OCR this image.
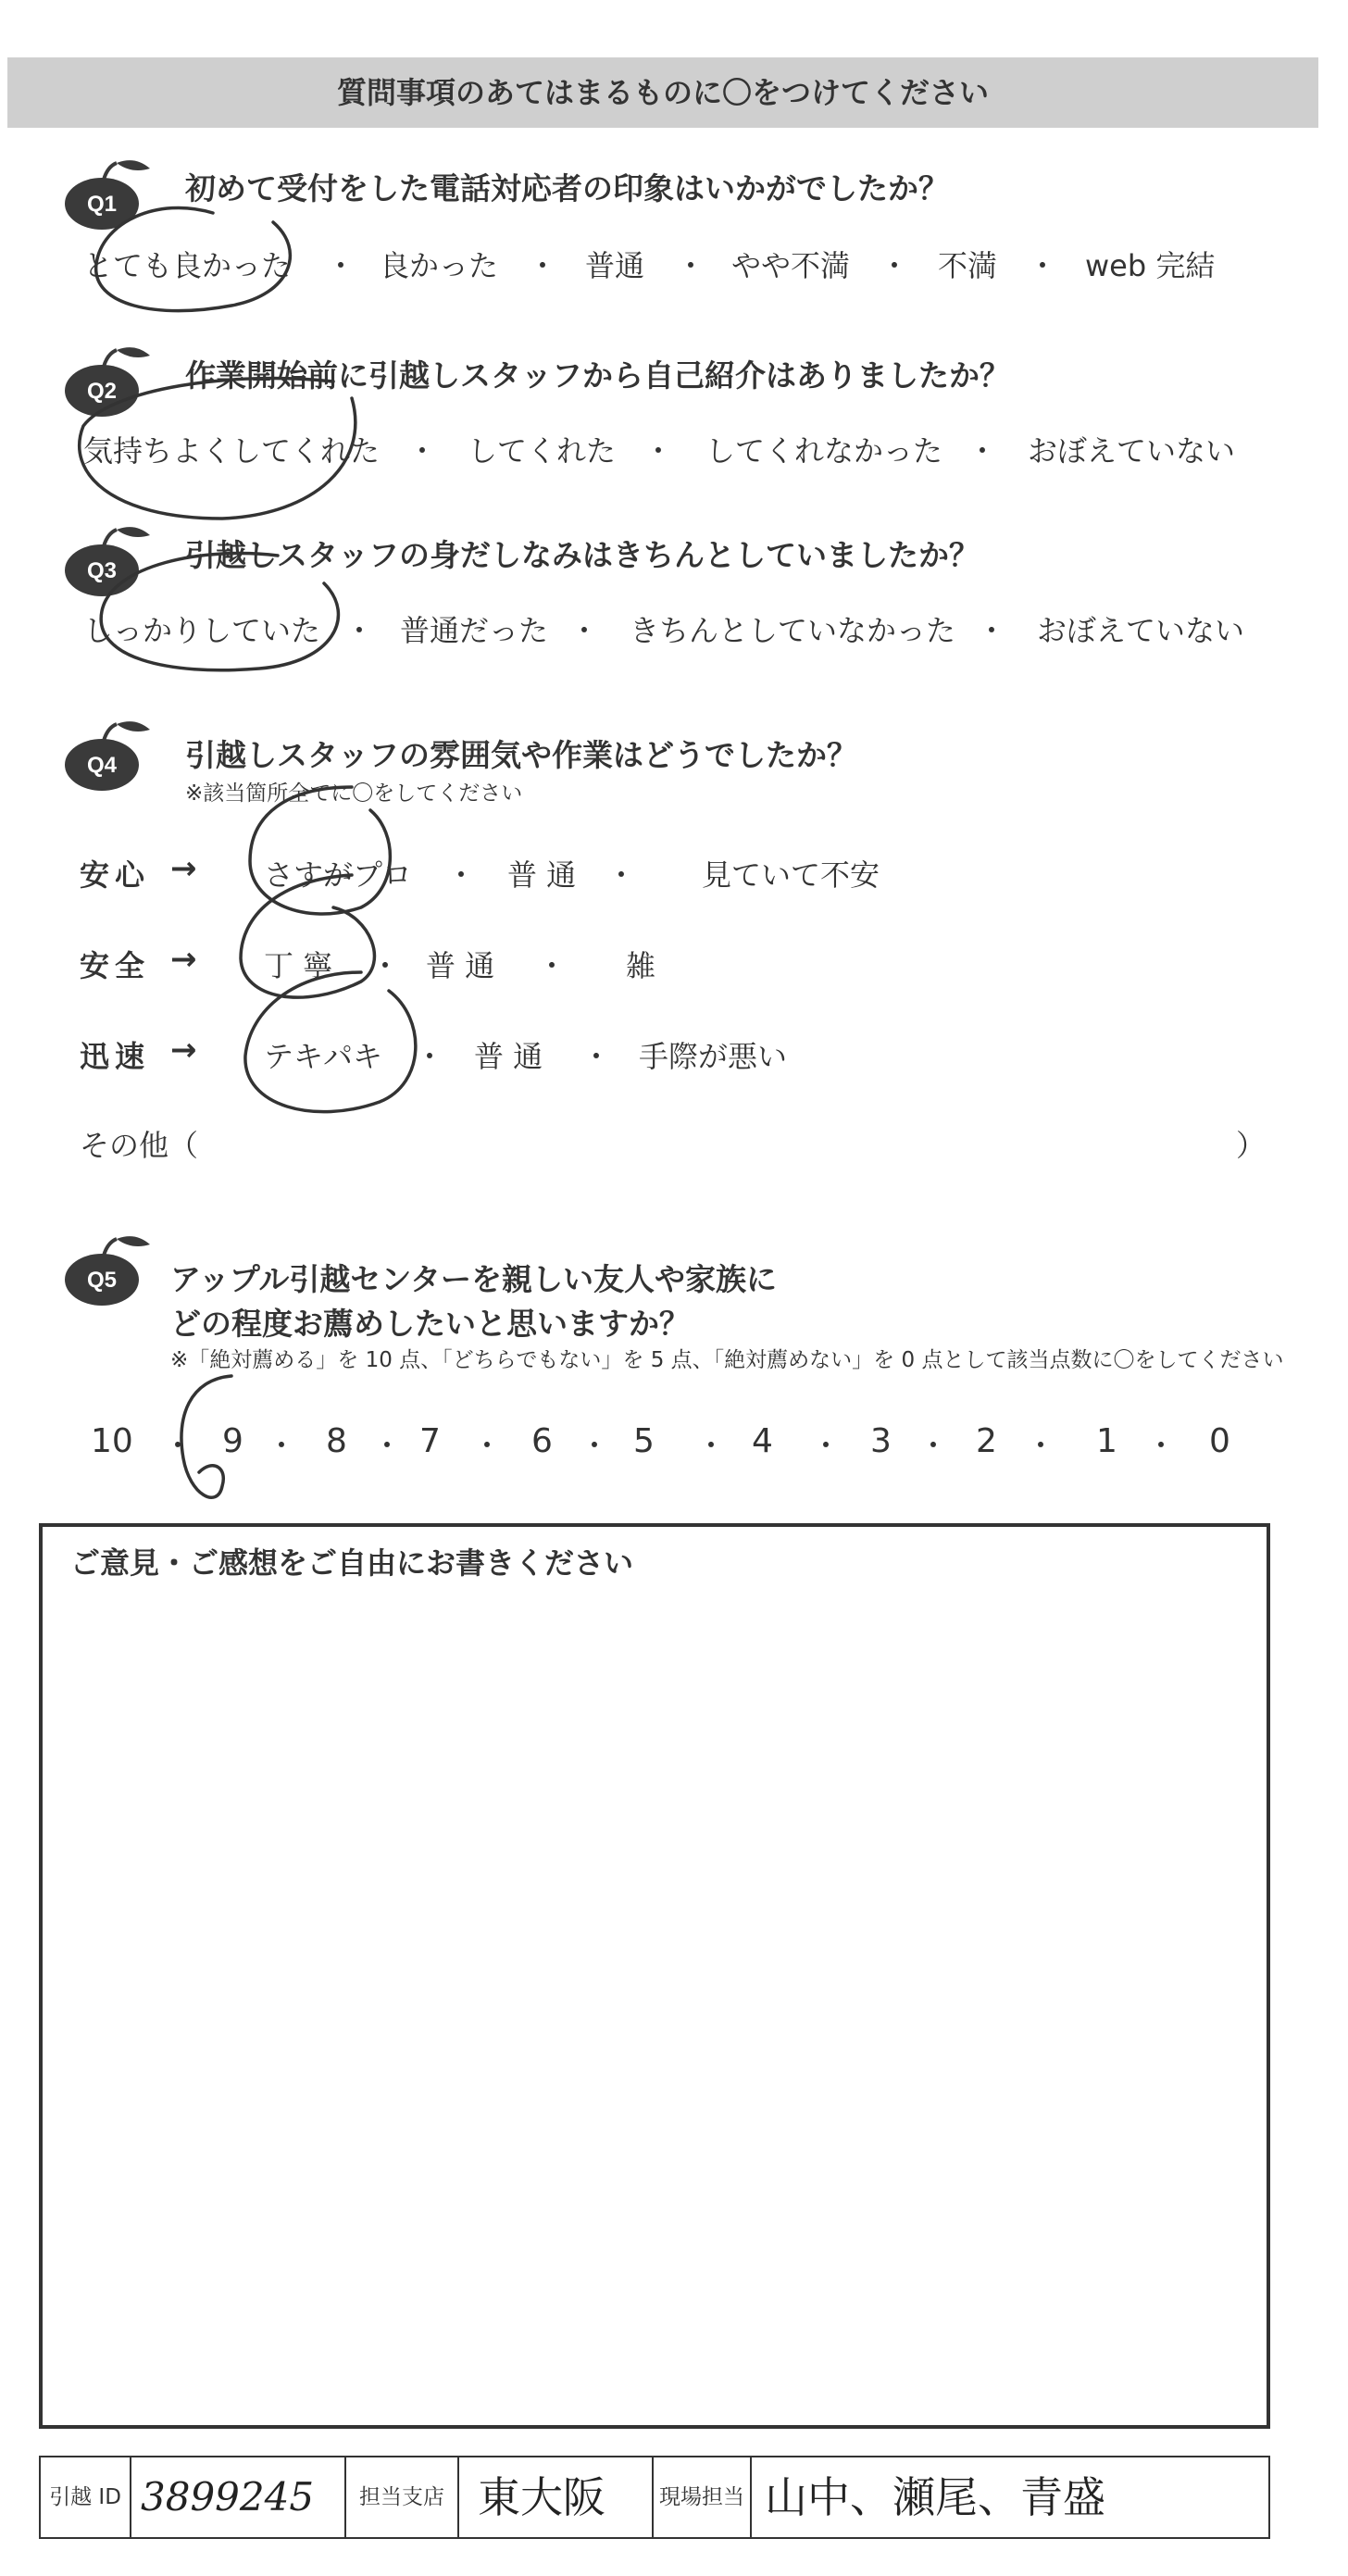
質問事項のあてはまるものに〇をつけてください
Q1 初めて受付をした電話対応者の印象はいかがでしたか？
とても良かった ・ 良かった ・ 普通 ・ やや不満 ・ 不満 ・ web 完結
Q2 作業開始前に引越しスタッフから自己紹介はありましたか？
気持ちよくしてくれた ・ してくれた ・ してくれなかった ・ おぼえていない
Q3 引越しスタッフの身だしなみはきちんとしていましたか？
しっかりしていた ・ 普通だった ・ きちんとしていなかった ・ おぼえていない
Q4 引越しスタッフの雰囲気や作業はどうでしたか？
※該当箇所全てに〇をしてください
安心 → さすがプロ ・ 普 通 ・ 見ていて不安
安全 → 丁 寧 ・ 普 通 ・ 雑
迅速 → テキパキ ・ 普 通 ・ 手際が悪い
その他（	）
Q5 アップル引越センターを親しい友人や家族に
どの程度お薦めしたいと思いますか？
※「絶対薦める」を 10 点、「どちらでもない」を 5 点、「絶対薦めない」を 0 点として該当点数に〇をしてください
10 ・ 9 ・ 8 ・ 7 ・ 6 ・ 5 ・ 4 ・ 3 ・ 2 ・ 1 ・ 0
ご意見・ご感想をご自由にお書きください
引越 ID 3899245	担当支店 東大阪	現場担当 山中、瀬尾、青盛
